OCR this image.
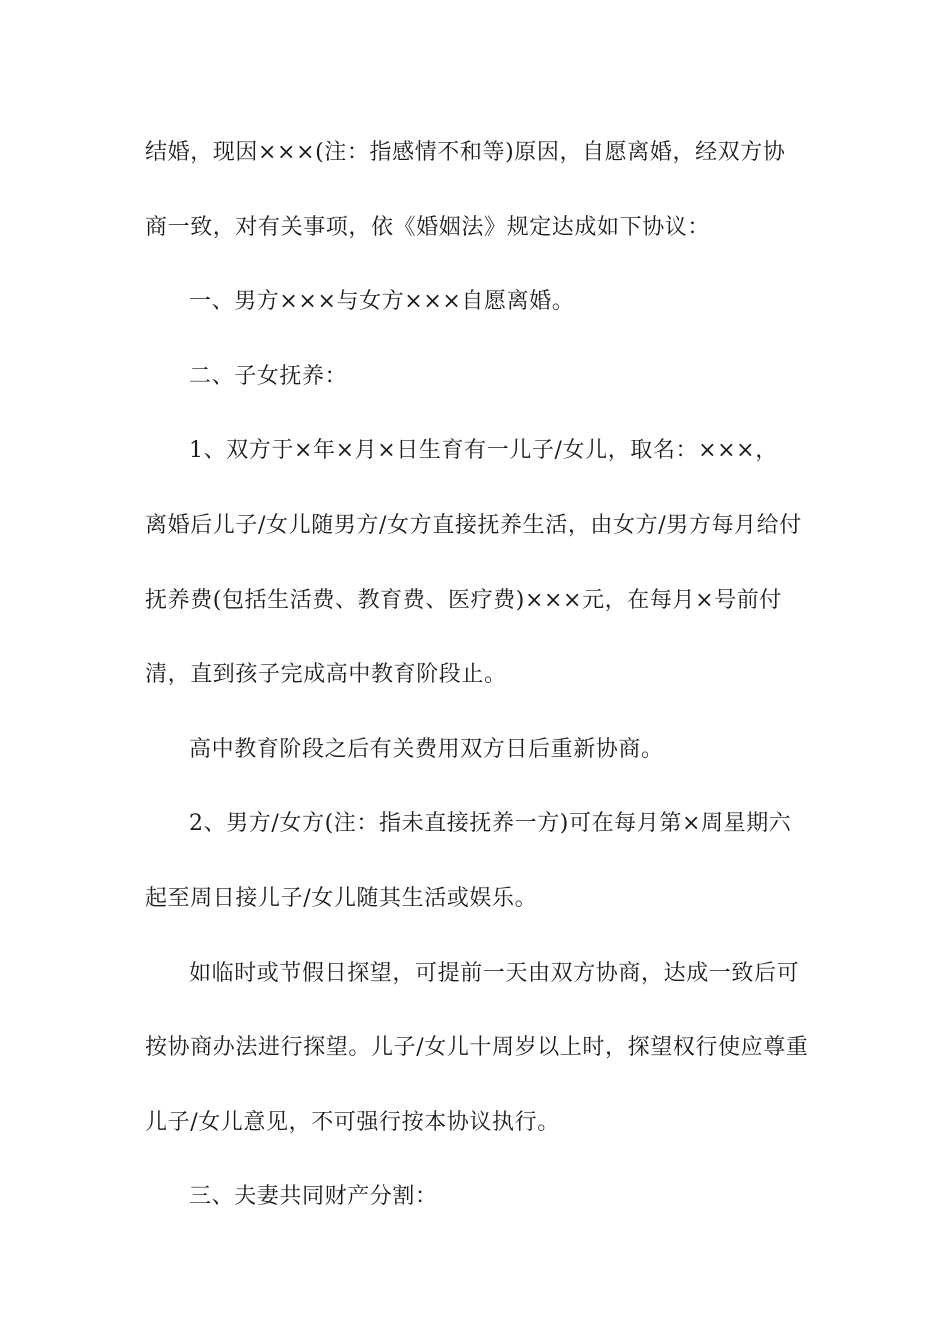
结婚，现因×××(注：指感情不和等)原因，自愿离婚，经双方协
商一致，对有关事项，依《婚姻法》规定达成如下协议：
一、男方×××与女方×××自愿离婚。
二、子女抚养：
1、双方于×年×月×日生育有一儿子/女儿，取名：×××，
离婚后儿子/女儿随男方/女方直接抚养生活，由女方/男方每月给付
抚养费(包括生活费、教育费、医疗费)×××元，在每月×号前付
清，直到孩子完成高中教育阶段止。
高中教育阶段之后有关费用双方日后重新协商。
2、男方/女方(注：指未直接抚养一方)可在每月第×周星期六
起至周日接儿子/女儿随其生活或娱乐。
如临时或节假日探望，可提前一天由双方协商，达成一致后可
按协商办法进行探望。儿子/女儿十周岁以上时，探望权行使应尊重
儿子/女儿意见，不可强行按本协议执行。
三、夫妻共同财产分割：
